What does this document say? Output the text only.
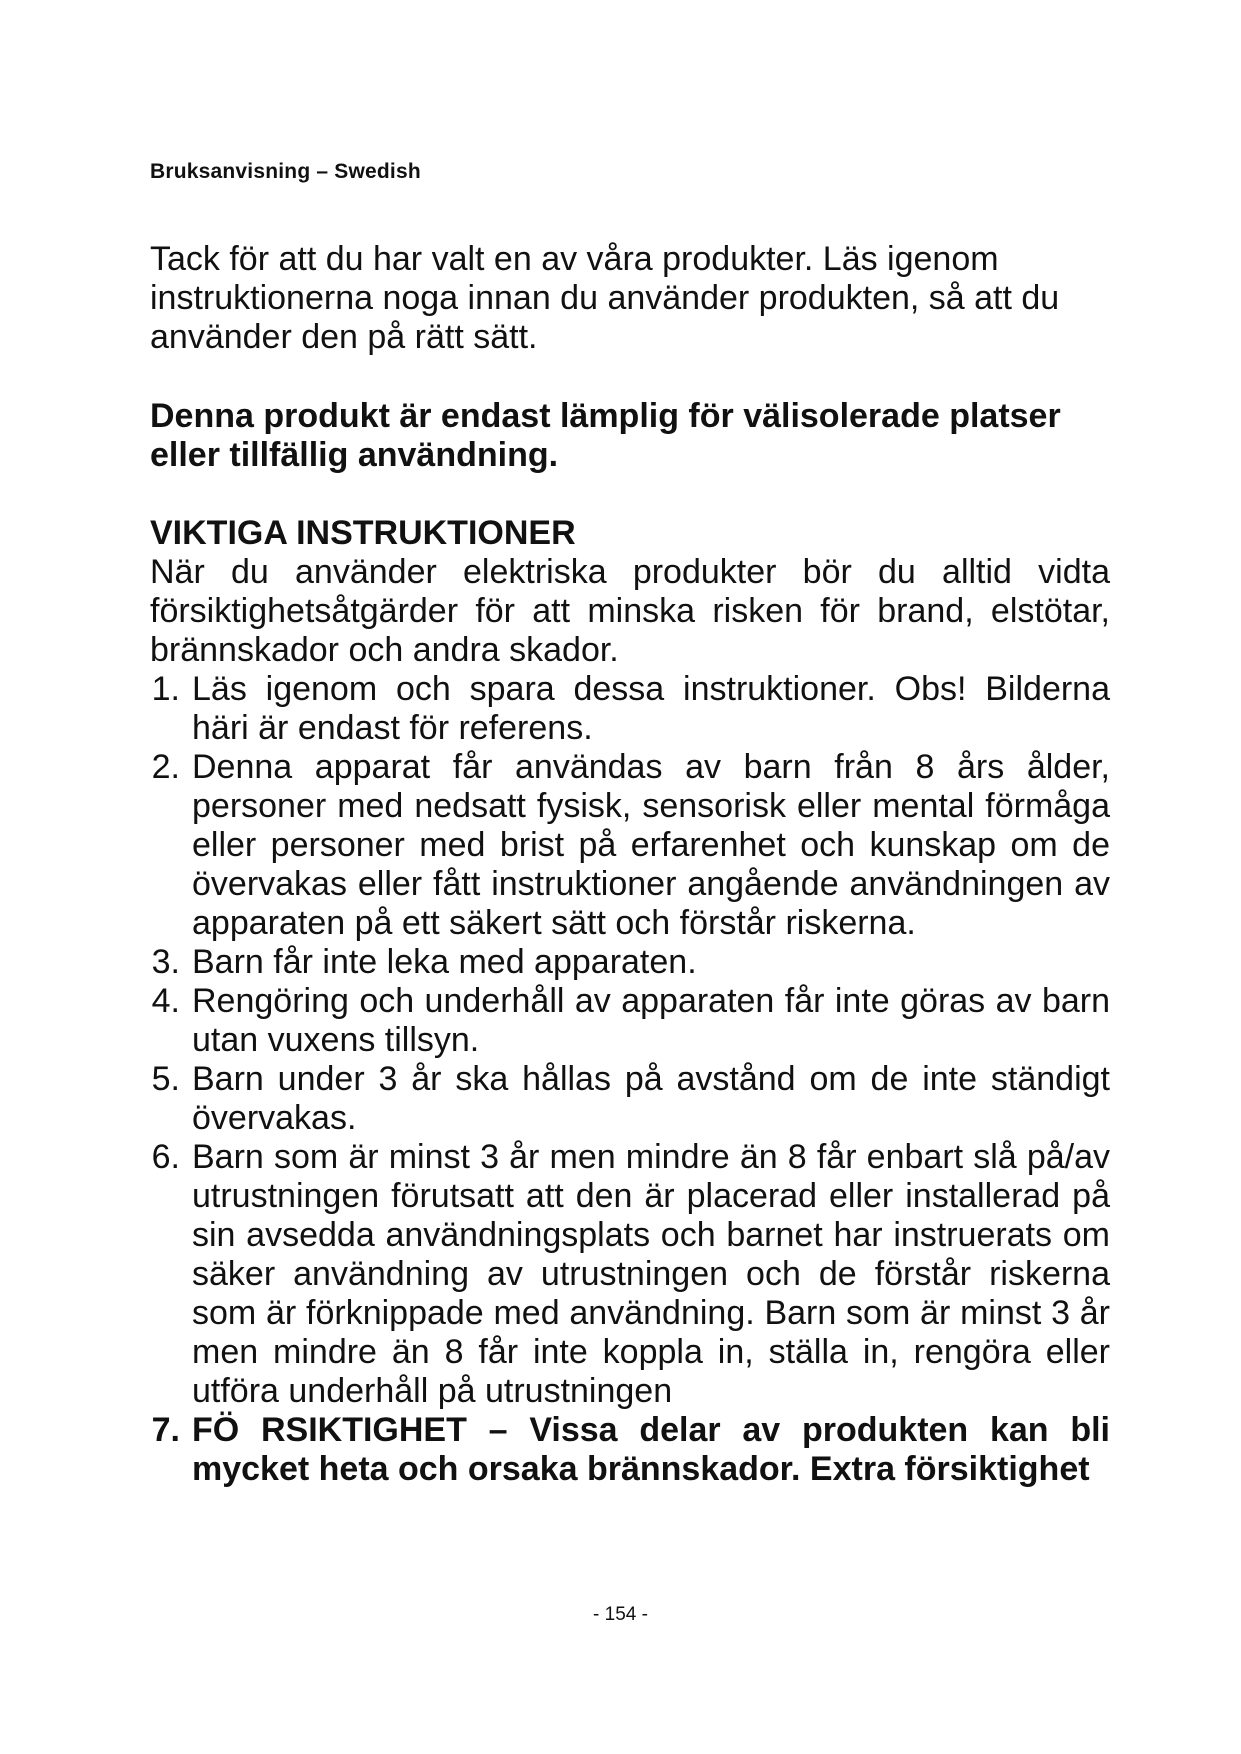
Bruksanvisning – Swedish

Tack för att du har valt en av våra produkter. Läs igenom instruktionerna noga innan du använder produkten, så att du använder den på rätt sätt.

Denna produkt är endast lämplig för välisolerade platser eller tillfällig användning.

VIKTIGA INSTRUKTIONER

När du använder elektriska produkter bör du alltid vidta försiktighetsåtgärder för att minska risken för brand, elstötar, brännskador och andra skador.

1. Läs igenom och spara dessa instruktioner. Obs! Bilderna häri är endast för referens.
2. Denna apparat får användas av barn från 8 års ålder, personer med nedsatt fysisk, sensorisk eller mental förmåga eller personer med brist på erfarenhet och kunskap om de övervakas eller fått instruktioner angående användningen av apparaten på ett säkert sätt och förstår riskerna.
3. Barn får inte leka med apparaten.
4. Rengöring och underhåll av apparaten får inte göras av barn utan vuxens tillsyn.
5. Barn under 3 år ska hållas på avstånd om de inte ständigt övervakas.
6. Barn som är minst 3 år men mindre än 8 får enbart slå på/av utrustningen förutsatt att den är placerad eller installerad på sin avsedda användningsplats och barnet har instruerats om säker användning av utrustningen och de förstår riskerna som är förknippade med användning. Barn som är minst 3 år men mindre än 8 får inte koppla in, ställa in, rengöra eller utföra underhåll på utrustningen
7. FÖ RSIKTIGHET – Vissa delar av produkten kan bli mycket heta och orsaka brännskador. Extra försiktighet
- 154 -
